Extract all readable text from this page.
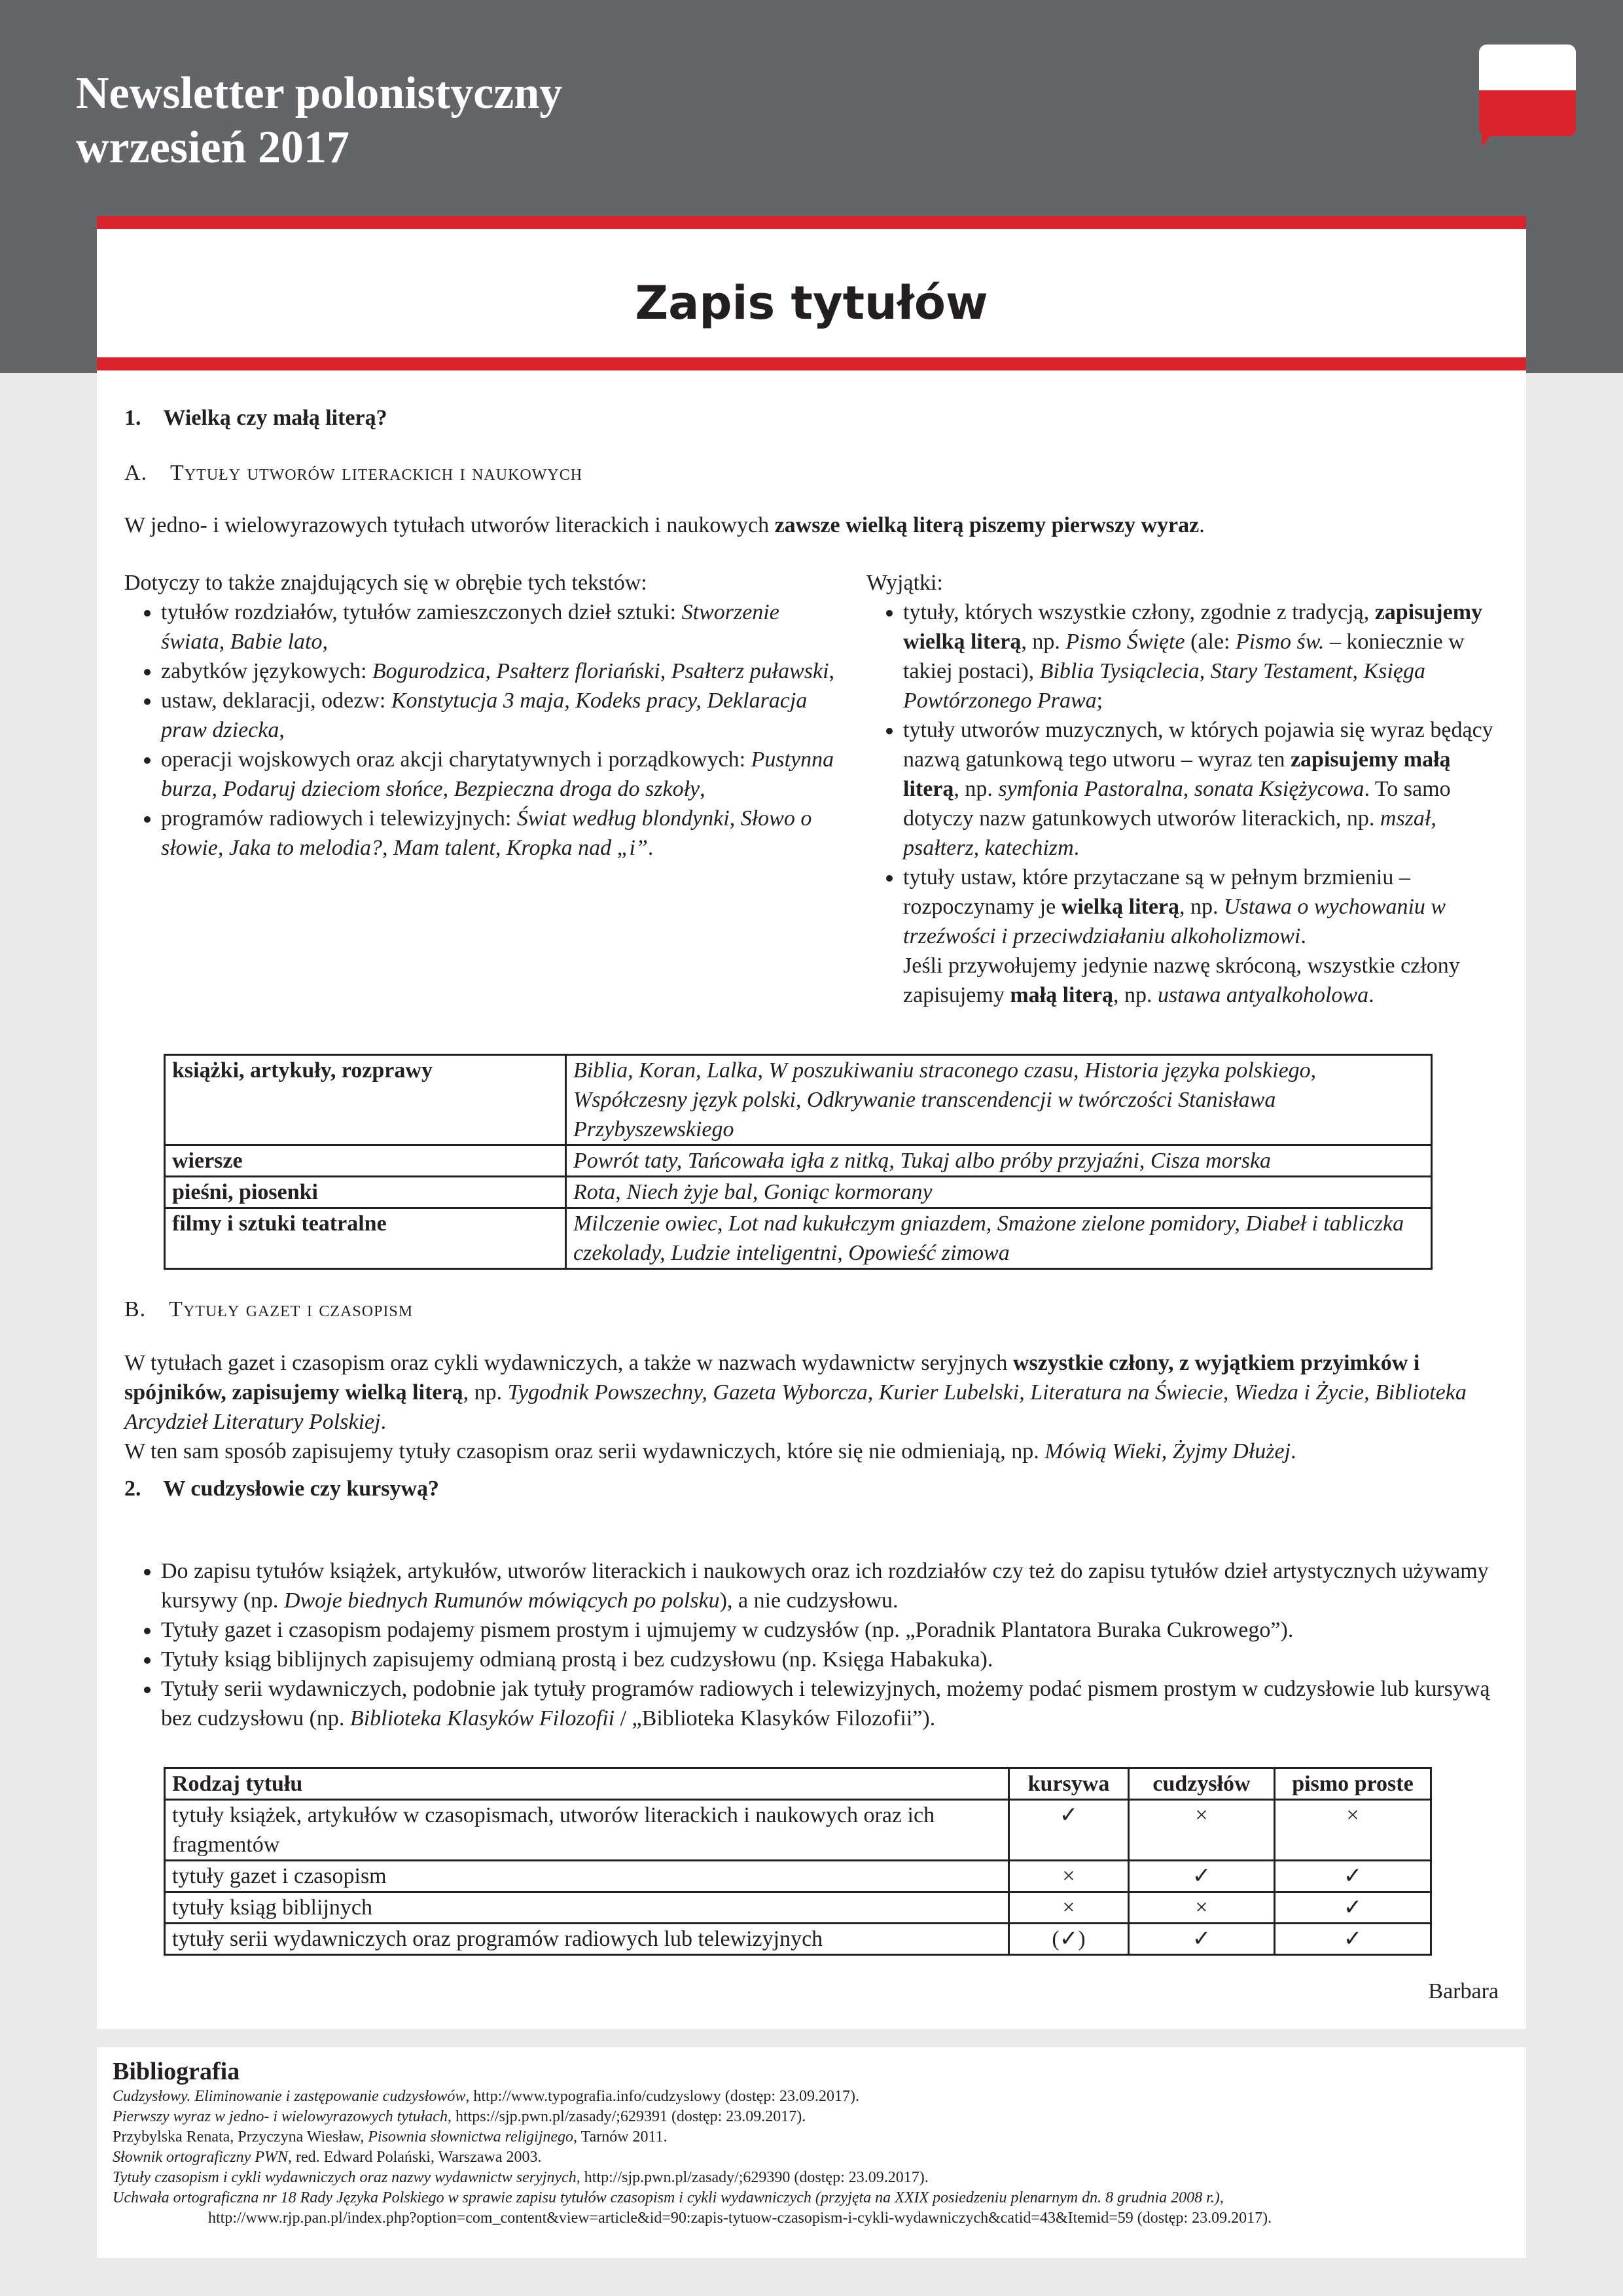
Newsletter polonistyczny
wrzesień 2017
Zapis tytułów

1. Wielką czy małą literą?

A. Tytuły utworów literackich i naukowych

W jedno- i wielowyrazowych tytułach utworów literackich i naukowych zawsze wielką literą piszemy pierwszy wyraz.

Dotyczy to także znajdujących się w obrębie tych tekstów:

• tytułów rozdziałów, tytułów zamieszczonych dzieł sztuki: Stworzenie świata, Babie lato,
• zabytków językowych: Bogurodzica, Psałterz floriański, Psałterz puławski,
• ustaw, deklaracji, odezw: Konstytucja 3 maja, Kodeks pracy, Deklaracja praw dziecka,
• operacji wojskowych oraz akcji charytatywnych i porządkowych: Pustynna burza, Podaruj dzieciom słońce, Bezpieczna droga do szkoły,
• programów radiowych i telewizyjnych: Świat według blondynki, Słowo o słowie, Jaka to melodia?, Mam talent, Kropka nad „i”.

Wyjątki:

• tytuły, których wszystkie człony, zgodnie z tradycją, zapisujemy wielką literą, np. Pismo Święte (ale: Pismo św. – koniecznie w takiej postaci), Biblia Tysiąclecia, Stary Testament, Księga Powtórzonego Prawa;
• tytuły utworów muzycznych, w których pojawia się wyraz będący nazwą gatunkową tego utworu – wyraz ten zapisujemy małą literą, np. symfonia Pastoralna, sonata Księżycowa. To samo dotyczy nazw gatunkowych utworów literackich, np. mszał, psałterz, katechizm.
• tytuły ustaw, które przytaczane są w pełnym brzmieniu – rozpoczynamy je wielką literą, np. Ustawa o wychowaniu w trzeźwości i przeciwdziałaniu alkoholizmowi.
Jeśli przywołujemy jedynie nazwę skróconą, wszystkie człony zapisujemy małą literą, np. ustawa antyalkoholowa.
książki, artykuły, rozprawy	Biblia, Koran, Lalka, W poszukiwaniu straconego czasu, Historia języka polskiego, Współczesny język polski, Odkrywanie transcendencji w twórczości Stanisława Przybyszewskiego
wiersze	Powrót taty, Tańcowała igła z nitką, Tukaj albo próby przyjaźni, Cisza morska
pieśni, piosenki	Rota, Niech żyje bal, Goniąc kormorany
filmy i sztuki teatralne	Milczenie owiec, Lot nad kukułczym gniazdem, Smażone zielone pomidory, Diabeł i tabliczka czekolady, Ludzie inteligentni, Opowieść zimowa

B. Tytuły gazet i czasopism

W tytułach gazet i czasopism oraz cykli wydawniczych, a także w nazwach wydawnictw seryjnych wszystkie człony, z wyjątkiem przyimków i spójników, zapisujemy wielką literą, np. Tygodnik Powszechny, Gazeta Wyborcza, Kurier Lubelski, Literatura na Świecie, Wiedza i Życie, Biblioteka Arcydzieł Literatury Polskiej.

W ten sam sposób zapisujemy tytuły czasopism oraz serii wydawniczych, które się nie odmieniają, np. Mówią Wieki, Żyjmy Dłużej.

2. W cudzysłowie czy kursywą?

• Do zapisu tytułów książek, artykułów, utworów literackich i naukowych oraz ich rozdziałów czy też do zapisu tytułów dzieł artystycznych używamy kursywy (np. Dwoje biednych Rumunów mówiących po polsku), a nie cudzysłowu.
• Tytuły gazet i czasopism podajemy pismem prostym i ujmujemy w cudzysłów (np. „Poradnik Plantatora Buraka Cukrowego”).
• Tytuły ksiąg biblijnych zapisujemy odmianą prostą i bez cudzysłowu (np. Księga Habakuka).
• Tytuły serii wydawniczych, podobnie jak tytuły programów radiowych i telewizyjnych, możemy podać pismem prostym w cudzysłowie lub kursywą bez cudzysłowu (np. Biblioteka Klasyków Filozofii / „Biblioteka Klasyków Filozofii”).
Rodzaj tytułu	kursywa	cudzysłów	pismo proste
tytuły książek, artykułów w czasopismach, utworów literackich i naukowych oraz ich fragmentów	✓	×	×
tytuły gazet i czasopism	×	✓	✓
tytuły ksiąg biblijnych	×	×	✓
tytuły serii wydawniczych oraz programów radiowych lub telewizyjnych	(✓)	✓	✓

Barbara

Bibliografia

Cudzysłowy. Eliminowanie i zastępowanie cudzysłowów, http://www.typografia.info/cudzyslowy (dostęp: 23.09.2017).

Pierwszy wyraz w jedno- i wielowyrazowych tytułach, https://sjp.pwn.pl/zasady/;629391 (dostęp: 23.09.2017).

Przybylska Renata, Przyczyna Wiesław, Pisownia słownictwa religijnego, Tarnów 2011.

Słownik ortograficzny PWN, red. Edward Polański, Warszawa 2003.

Tytuły czasopism i cykli wydawniczych oraz nazwy wydawnictw seryjnych, http://sjp.pwn.pl/zasady/;629390 (dostęp: 23.09.2017).

Uchwała ortograficzna nr 18 Rady Języka Polskiego w sprawie zapisu tytułów czasopism i cykli wydawniczych (przyjęta na XXIX posiedzeniu plenarnym dn. 8 grudnia 2008 r.),

http://www.rjp.pan.pl/index.php?option=com_content&view=article&id=90:zapis-tytuow-czasopism-i-cykli-wydawniczych&catid=43&Itemid=59 (dostęp: 23.09.2017).
